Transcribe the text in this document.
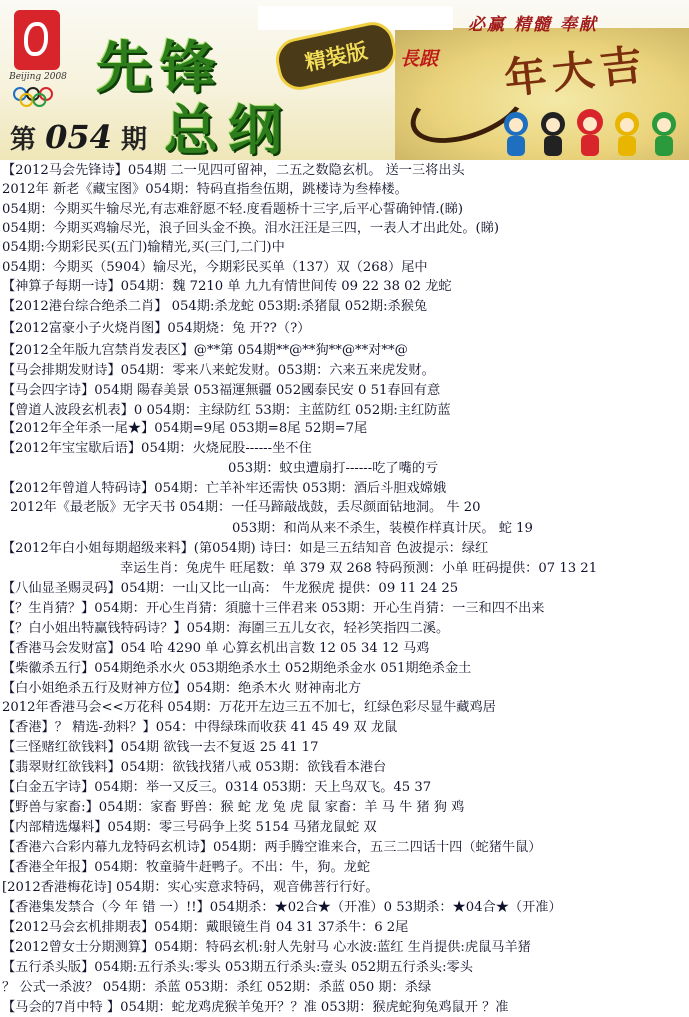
Beijing 2008 先锋
总纲
精装版
第 054 期
必赢 精髓 奉献
長跟 年大吉
【2012马会先锋诗】054期 二一见四可留神，二五之数隐玄机。 送一三将出头
2012年 新老《藏宝图》054期：特码直指叁伍期，跳楼诗为叁棒楼。
054期：今期买牛输尽光,有志难舒愿不轻.度看题桥十三字,后平心誓确钟情.(睇)
054期：今期买鸡输尽光，浪子回头金不换。泪水汪汪是三四，一表人才出此处。(睇)
054期:今期彩民买(五门)输精光,买(三门,二门)中
054期：今期买（5904）输尽光，今期彩民买单（137）双（268）尾中
【神算子每期一诗】054期：魏 7210 单 九九有情世间传 09 22 38 02 龙蛇
【2012港台综合绝杀二肖】 054期:杀龙蛇 053期:杀猪鼠 052期:杀猴兔
【2012富豪小子火烧肖图】054期烧：兔 开??（?）
【2012全年版九宫禁肖发表区】@**第 054期**@**狗**@**对**@
【马会排期发财诗】054期：零来八来蛇发财。053期：六来五来虎发财。
【马会四字诗】054期 陽春美景 053福運無疆 052國泰民安 0 51春回有意
【曾道人波段玄机表】0 054期：主绿防红 53期：主蓝防红 052期:主红防蓝
【2012年全年杀一尾★】054期=9尾 053期=8尾 52期=7尾
【2012年宝宝歇后语】054期：火烧屁股------坐不住
053期：蚊虫遭扇打------吃了嘴的亏
【2012年曾道人特码诗】054期：亡羊补牢还需快 053期：酒后斗胆戏嫦娥
2012年《最老版》无字天书 054期：一任马蹄敲战鼓，丢尽颜面钻地洞。 牛 20
053期：和尚从来不杀生，装模作样真计厌。 蛇 19
【2012年白小姐每期超级来料】(第054期) 诗曰：如是三五结知音 色波提示：绿红
幸运生肖：兔虎牛 旺尾数：单 379 双 268 特码预测：小单 旺码提供：07 13 21
【八仙显圣赐灵码】054期：一山又比一山高： 牛龙猴虎 提供：09 11 24 25
【？生肖猜？】054期：开心生肖猜：須臆十三伴君来 053期：开心生肖猜：一三和四不出来
【？白小姐出特赢钱特码诗？】054期：海圍三五儿女衣，轻衫笑指四二溪。
【香港马会发财富】054 哈 4290 单 心算玄机出言数 12 05 34 12 马鸡
【柴徽杀五行】054期绝杀水火 053期绝杀水土 052期绝杀金水 051期绝杀金土
【白小姐绝杀五行及财神方位】054期：绝杀木火 财神南北方
2012年香港马会<<万花科 054期：万花开左边三五不加七，红绿色彩尽显牛藏鸡居
【香港】？ 精选-劲料？】054：中得绿珠而收获 41 45 49 双 龙鼠
【三怪赌红欲钱料】054期 欲钱一去不复返 25 41 17
【翡翠财红欲钱料】054期：欲钱找猪八戒 053期：欲钱看本港台
【白金五字诗】054期：举一又反三。0314 053期：天上鸟双飞。45 37
【野兽与家畜:】054期：家畜 野兽：猴 蛇 龙 兔 虎 鼠 家畜：羊 马 牛 猪 狗 鸡
【内部精选爆料】054期：零三号码争上奖 5154 马猪龙鼠蛇 双
【香港六合彩内幕九龙特码玄机诗】054期：两手腾空谁来合，五三二四话十四（蛇猪牛鼠）
【香港全年报】054期：牧童骑牛赶鸭子。不出：牛，狗。龙蛇
[2012香港梅花诗] 054期：实心实意求特码，观音佛菩行行好。
【香港集发禁合（今 年 错 一）!!】054期杀：★02合★（开准）0 53期杀：★04合★（开准）
【2012马会玄机排期表】054期：戴眼镜生肖 04 31 37杀牛：6 2尾
【2012曾女士分期测算】054期：特码玄机:射人先射马 心水波:蓝红 生肖提供:虎鼠马羊猪
【五行杀头版】054期:五行杀头:零头 053期五行杀头:壹头 052期五行杀头:零头
？ 公式一杀波？ 054期：杀蓝 053期：杀红 052期：杀蓝 050 期：杀绿
【马会的7肖中特 】054期：蛇龙鸡虎猴羊兔开？？准 053期：猴虎蛇狗兔鸡鼠开 ？准
